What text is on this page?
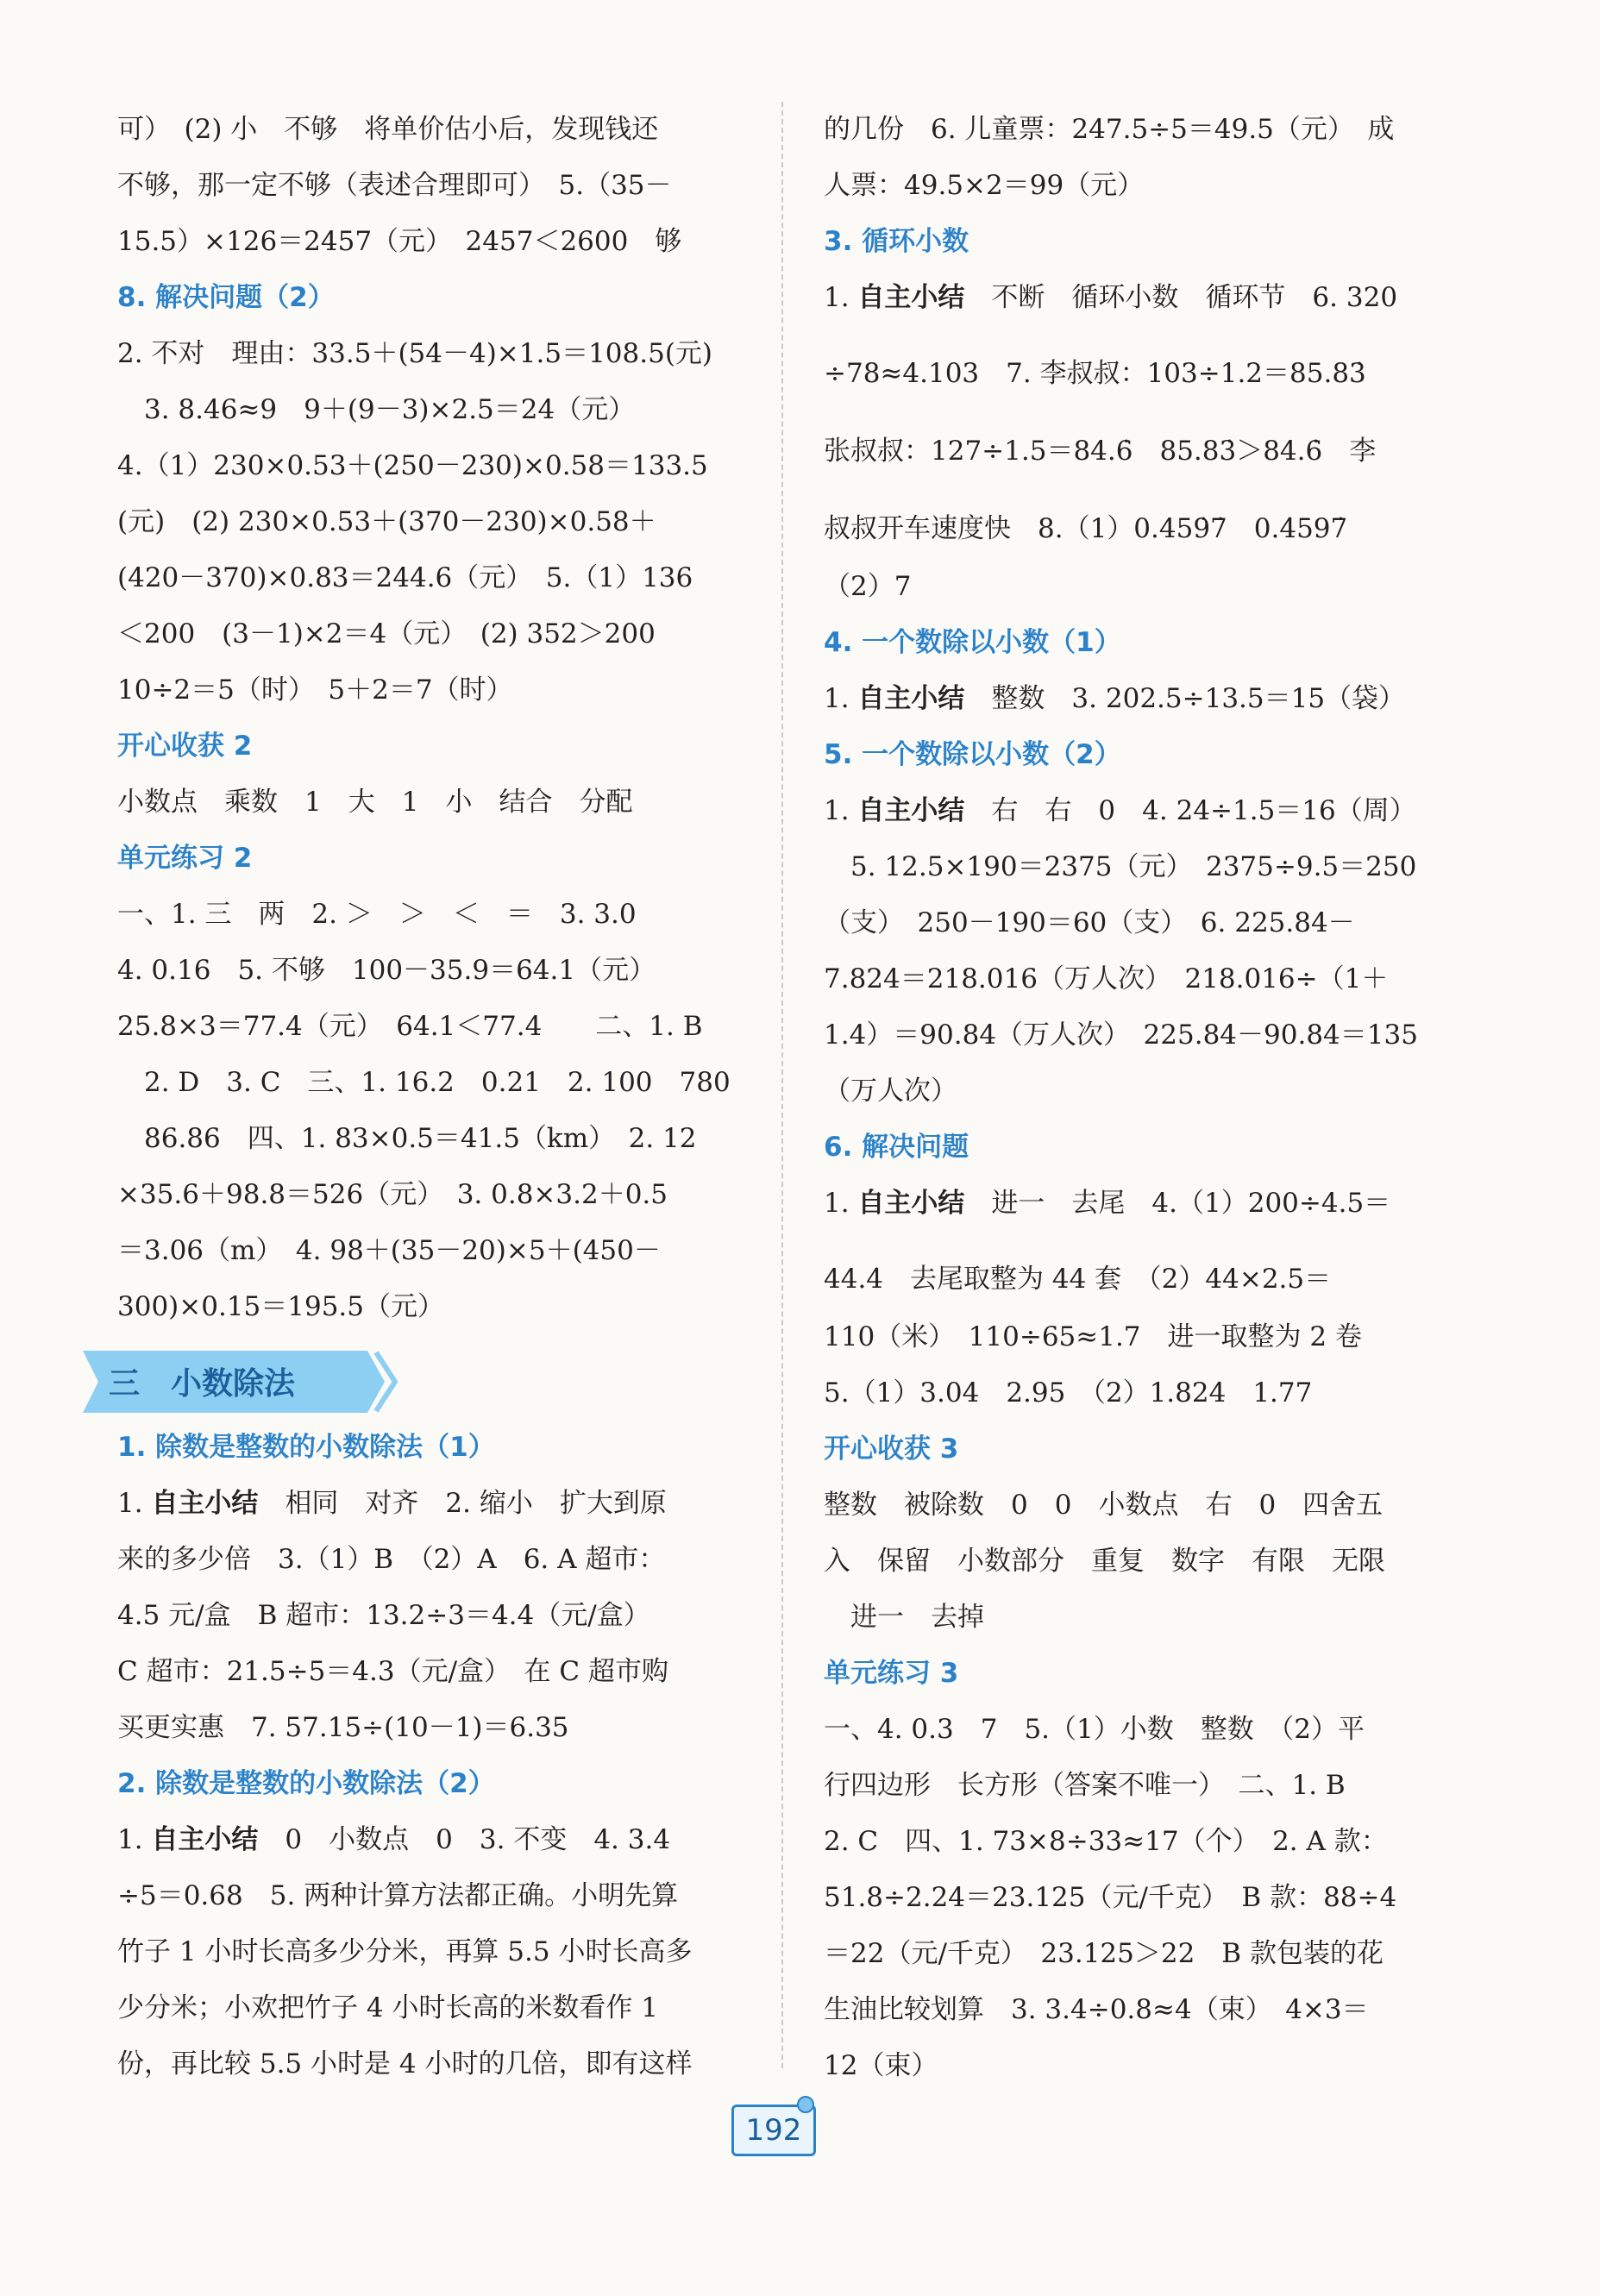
可）　(2) 小　不够　将单价估小后，发现钱还
不够，那一定不够（表述合理即可）　5.（35－
15.5）×126＝2457（元）　2457＜2600　够
8. 解决问题（2）
2. 不对　理由：33.5＋(54－4)×1.5＝108.5(元)
　3. 8.46≈9　9＋(9－3)×2.5＝24（元）
4.（1）230×0.53＋(250－230)×0.58＝133.5
(元)　(2) 230×0.53＋(370－230)×0.58＋
(420－370)×0.83＝244.6（元）　5.（1）136
＜200　(3－1)×2＝4（元）　(2) 352＞200
10÷2＝5（时）　5＋2＝7（时）
开心收获 2
小数点　乘数　1　大　1　小　结合　分配
单元练习 2
一、1. 三　两　2. ＞　＞　＜　＝　3. 3.0
4. 0.16　5. 不够　100－35.9＝64.1（元）
25.8×3＝77.4（元）　64.1＜77.4　　二、1. B
　2. D　3. C　三、1. 16.2　0.21　2. 100　780
　86.86　四、1. 83×0.5＝41.5（km）　2. 12
×35.6＋98.8＝526（元）　3. 0.8×3.2＋0.5
＝3.06（m）　4. 98＋(35－20)×5＋(450－
300)×0.15＝195.5（元）
三　小数除法
1. 除数是整数的小数除法（1）
1. 自主小结　相同　对齐　2. 缩小　扩大到原
来的多少倍　3.（1）B　（2）A　6. A 超市：
4.5 元/盒　B 超市：13.2÷3＝4.4（元/盒）
C 超市：21.5÷5＝4.3（元/盒）　在 C 超市购
买更实惠　7. 57.15÷(10－1)＝6.35
2. 除数是整数的小数除法（2）
1. 自主小结　0　小数点　0　3. 不变　4. 3.4
÷5＝0.68　5. 两种计算方法都正确。小明先算
竹子 1 小时长高多少分米，再算 5.5 小时长高多
少分米；小欢把竹子 4 小时长高的米数看作 1
份，再比较 5.5 小时是 4 小时的几倍，即有这样
的几份　6. 儿童票：247.5÷5＝49.5（元）　成
人票：49.5×2＝99（元）
3. 循环小数
1. 自主小结　不断　循环小数　循环节　6. 320
÷78≈4.103　7. 李叔叔：103÷1.2＝85.83̇
张叔叔：127÷1.5＝84.6̇　85.83̇＞84.6̇　李
叔叔开车速度快　8.（1）0.459̇7̇　0.4̇597̇
（2）7
4. 一个数除以小数（1）
1. 自主小结　整数　3. 202.5÷13.5＝15（袋）
5. 一个数除以小数（2）
1. 自主小结　右　右　0　4. 24÷1.5＝16（周）
　5. 12.5×190＝2375（元）　2375÷9.5＝250
（支）　250－190＝60（支）　6. 225.84－
7.824＝218.016（万人次）　218.016÷（1＋
1.4）＝90.84（万人次）　225.84－90.84＝135
（万人次）
6. 解决问题
1. 自主小结　进一　去尾　4.（1）200÷4.5＝
44.4̇　去尾取整为 44 套　（2）44×2.5＝
110（米）　110÷65≈1.7　进一取整为 2 卷
5.（1）3.04　2.95　（2）1.824　1.77
开心收获 3
整数　被除数　0　0　小数点　右　0　四舍五
入　保留　小数部分　重复　数字　有限　无限
　进一　去掉
单元练习 3
一、4. 0.3　7　5.（1）小数　整数　（2）平
行四边形　长方形（答案不唯一）　二、1. B
2. C　四、1. 73×8÷33≈17（个）　2. A 款：
51.8÷2.24＝23.125（元/千克）　B 款：88÷4
＝22（元/千克）　23.125＞22　B 款包装的花
生油比较划算　3. 3.4÷0.8≈4（束）　4×3＝
12（束）
192
